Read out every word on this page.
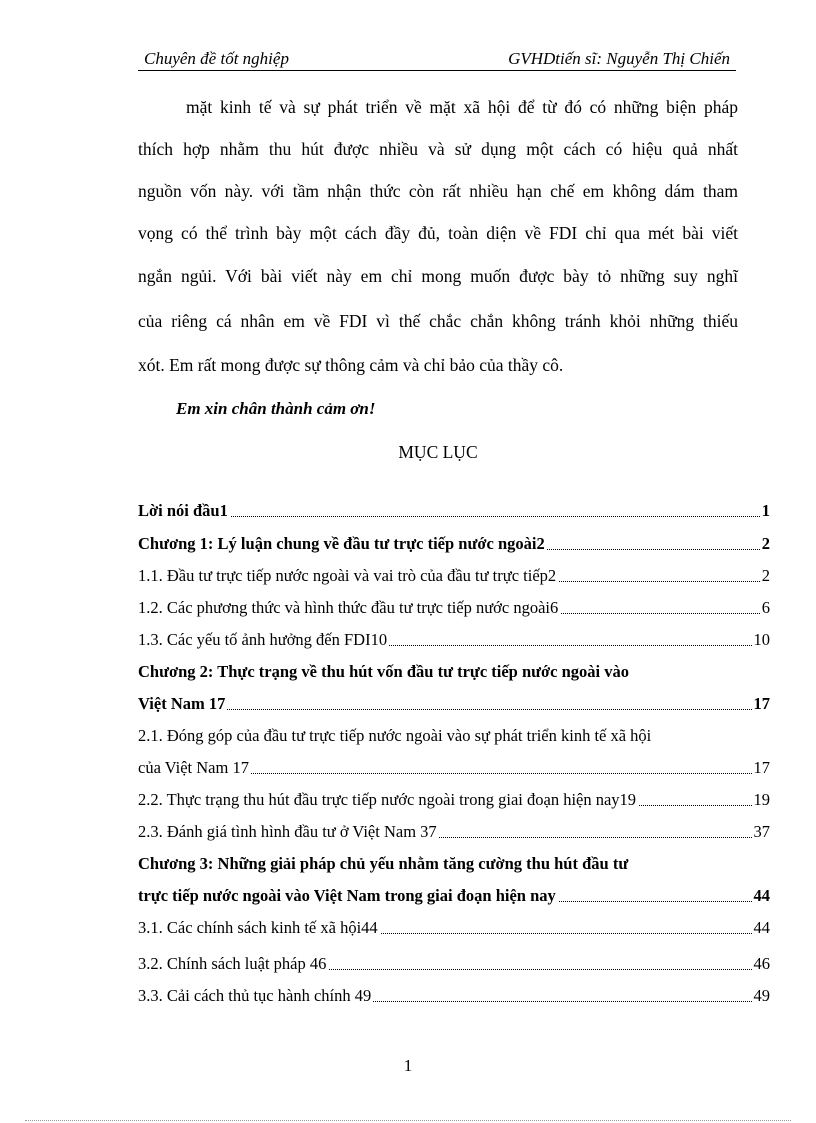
Chuyên đề tốt nghiệp	GVHDtiến sĩ: Nguyễn Thị Chiến
mặt kinh tế và sự phát triển về mặt xã hội để từ đó có những biện pháp
thích hợp nhằm thu hút được nhiều và sử dụng một cách có hiệu quả nhất
nguồn vốn này. với tầm nhận thức còn rất nhiều hạn chế em không dám tham
vọng có thể trình bày một cách đầy đủ, toàn diện về FDI chỉ qua mét bài viết
ngắn ngủi. Với bài viết này em chỉ mong muốn được bày tỏ những suy nghĩ
của riêng cá nhân em về FDI vì thế chắc chắn không tránh khỏi những thiếu
xót. Em rất mong được sự thông cảm và chỉ bảo của thầy cô.
Em xin chân thành cảm ơn!
MỤC LỤC
Lời nói đầu1	1
Chương 1: Lý luận chung về đầu tư trực tiếp nước ngoài2	2
1.1. Đầu tư trực tiếp nước ngoài và vai trò của đầu tư trực tiếp2	2
1.2. Các phương thức và hình thức đầu tư trực tiếp nước ngoài6	6
1.3. Các yếu tố ảnh hưởng đến FDI10	10
Chương 2: Thực trạng về thu hút vốn đầu tư trực tiếp nước ngoài vào
Việt Nam 17	17
2.1. Đóng góp của đầu tư trực tiếp nước ngoài vào sự phát triển kinh tế xã hội
của Việt Nam 17	17
2.2. Thực trạng thu hút đầu trực tiếp nước ngoài trong giai đoạn hiện nay19	19
2.3. Đánh giá tình hình đầu tư ở Việt Nam 37	37
Chương 3: Những giải pháp chủ yếu nhằm tăng cường thu hút đầu tư
trực tiếp nước ngoài vào Việt Nam trong giai đoạn hiện nay	44
3.1. Các chính sách kinh tế xã hội44	44
3.2. Chính sách luật pháp 46	46
3.3. Cải cách thủ tục hành chính 49	49
1
